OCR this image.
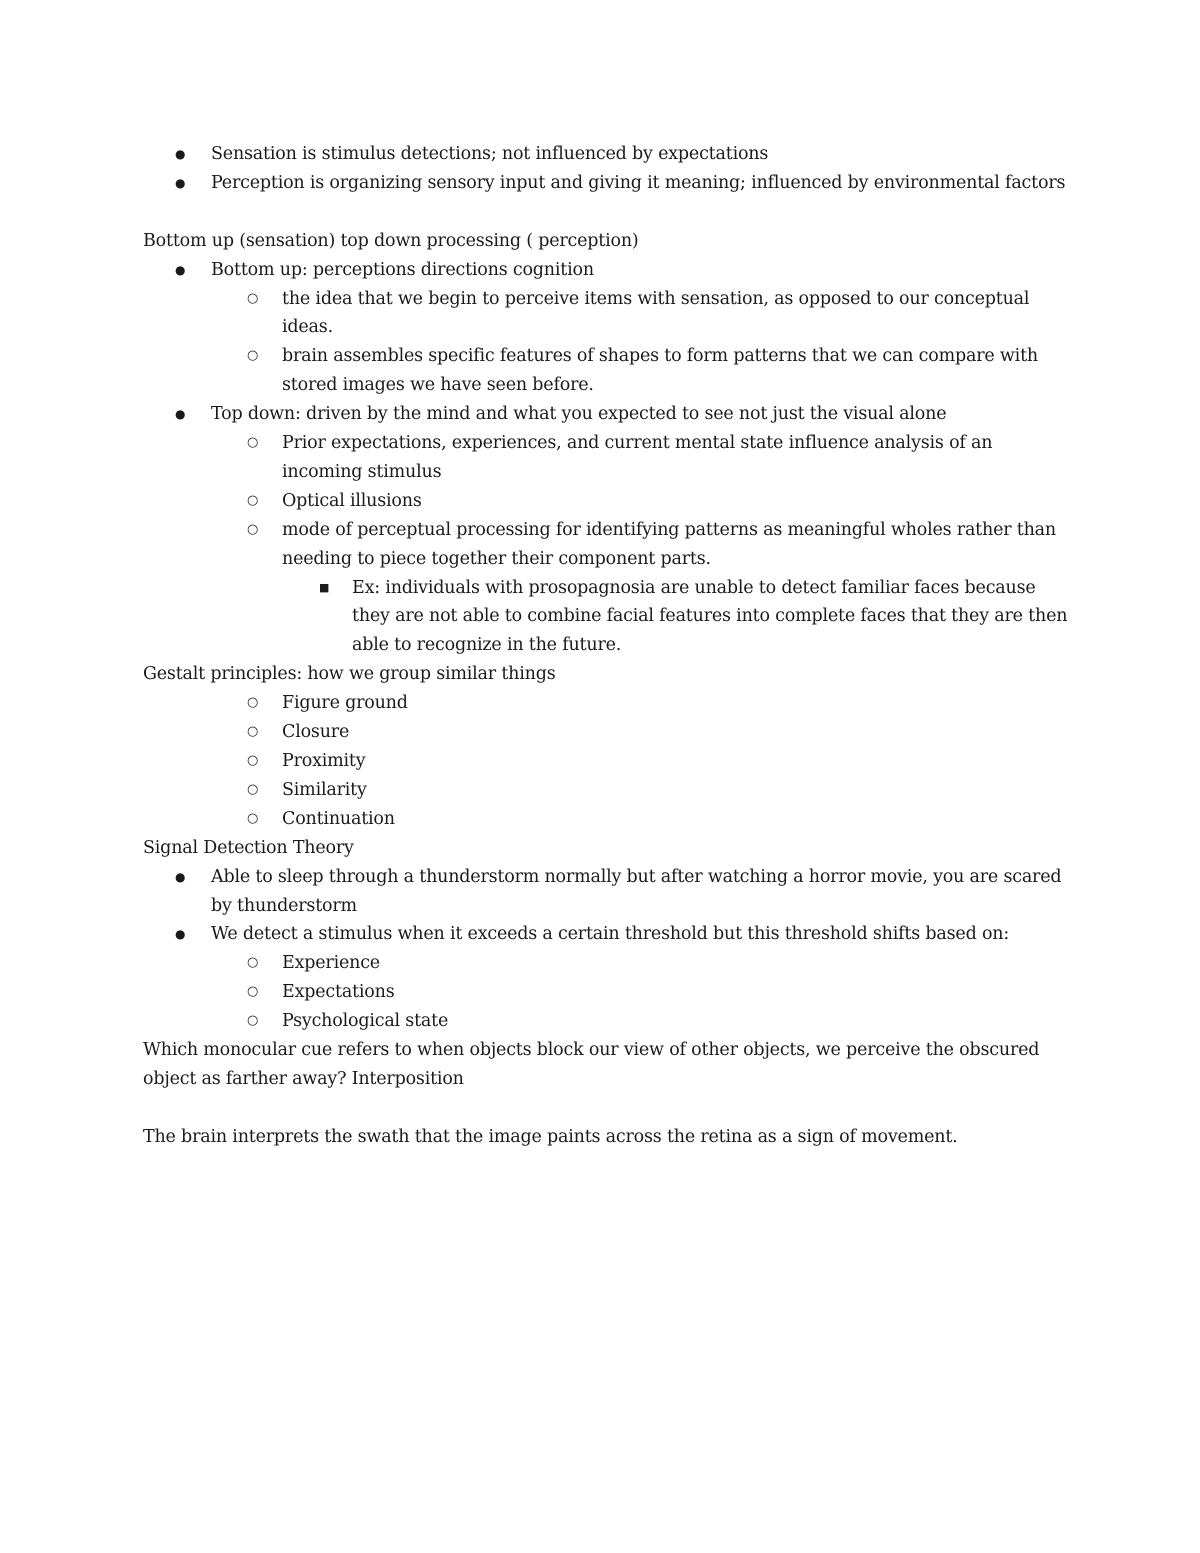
● Sensation is stimulus detections; not influenced by expectations
● Perception is organizing sensory input and giving it meaning; influenced by environmental factors

Bottom up (sensation) top down processing ( perception)

● Bottom up: perceptions directions cognition
○ the idea that we begin to perceive items with sensation, as opposed to our conceptual ideas.
○ brain assembles specific features of shapes to form patterns that we can compare with stored images we have seen before.
● Top down: driven by the mind and what you expected to see not just the visual alone
○ Prior expectations, experiences, and current mental state influence analysis of an incoming stimulus
○ Optical illusions
○ mode of perceptual processing for identifying patterns as meaningful wholes rather than needing to piece together their component parts.
■ Ex: individuals with prosopagnosia are unable to detect familiar faces because they are not able to combine facial features into complete faces that they are then able to recognize in the future.

Gestalt principles: how we group similar things

○ Figure ground
○ Closure
○ Proximity
○ Similarity
○ Continuation

Signal Detection Theory

● Able to sleep through a thunderstorm normally but after watching a horror movie, you are scared by thunderstorm
● We detect a stimulus when it exceeds a certain threshold but this threshold shifts based on:
○ Experience
○ Expectations
○ Psychological state

Which monocular cue refers to when objects block our view of other objects, we perceive the obscured object as farther away? Interposition

The brain interprets the swath that the image paints across the retina as a sign of movement.
